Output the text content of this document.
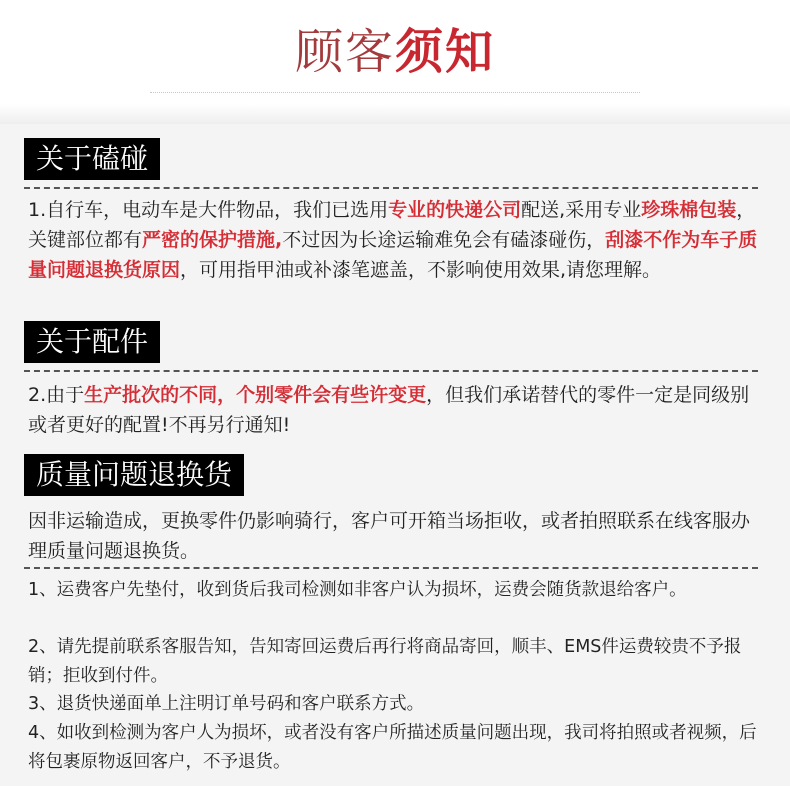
顾客须知
关于磕碰

1.自行车，电动车是大件物品，我们已选用专业的快递公司配送,采用专业珍珠棉包装，关键部位都有严密的保护措施,不过因为长途运输难免会有磕漆碰伤，刮漆不作为车子质量问题退换货原因，可用指甲油或补漆笔遮盖，不影响使用效果,请您理解。

关于配件

2.由于生产批次的不同，个别零件会有些许变更，但我们承诺替代的零件一定是同级别或者更好的配置!不再另行通知!

质量问题退换货

因非运输造成，更换零件仍影响骑行，客户可开箱当场拒收，或者拍照联系在线客服办理质量问题退换货。

1、运费客户先垫付，收到货后我司检测如非客户认为损坏，运费会随货款退给客户。

2、请先提前联系客服告知，告知寄回运费后再行将商品寄回，顺丰、EMS件运费较贵不予报销；拒收到付件。

3、退货快递面单上注明订单号码和客户联系方式。

4、如收到检测为客户人为损坏，或者没有客户所描述质量问题出现，我司将拍照或者视频，后将包裹原物返回客户，不予退货。
